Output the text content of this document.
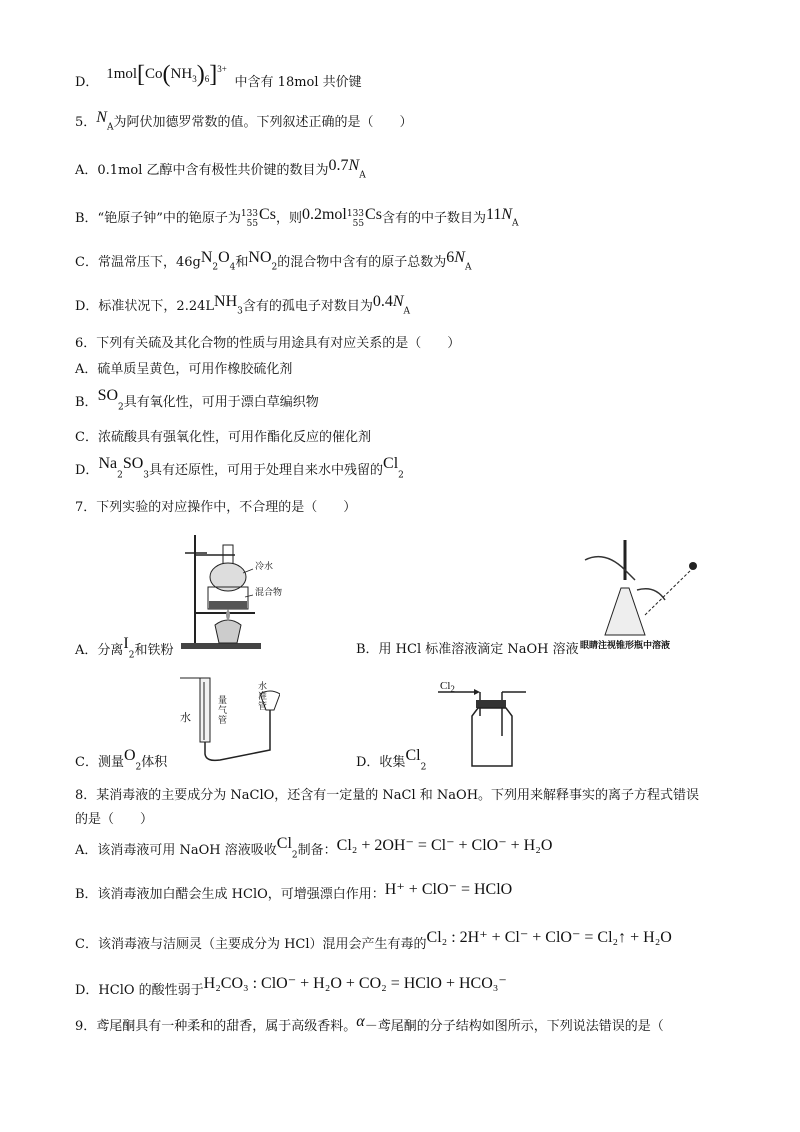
D． $1mol[Co(NH_3)_6]^{3+}$ 中含有 18mol 共价键
5．$N_A$为阿伏加德罗常数的值。下列叙述正确的是（　　）
A．0.1mol 乙醇中含有极性共价键的数目为$0.7N_A$
B．“铯原子钟”中的铯原子为 133
55
Cs，则0.2mol 133
55
Cs含有的中子数目为$11N_A$
C．常温常压下，$46gN_2O_4$和$NO_2$的混合物中含有的原子总数为$6N_A$
D．标准状况下，$2.24LNH_3$含有的孤电子对数目为$0.4N_A$
6．下列有关硫及其化合物的性质与用途具有对应关系的是（　　）
A．硫单质呈黄色，可用作橡胶硫化剂
B．$SO_2$具有氧化性，可用于漂白草编织物
C．浓硫酸具有强氧化性，可用作酯化反应的催化剂
D．$Na_2SO_3$具有还原性，可用于处理自来水中残留的$Cl_2$
7．下列实验的对应操作中，不合理的是（　　）
冷水
混合物
眼睛注视锥形瓶中溶液
A．分离$I_2$和铁粉	B．用 HCl 标准溶液滴定 NaOH 溶液
水
量气管
水准管
$Cl_2$
C．测量$O_2$体积	D．收集$Cl_2$
8．某消毒液的主要成分为 NaClO，还含有一定量的 NaCl 和 NaOH。下列用来解释事实的离子方程式错误
的是（　　）
A．该消毒液可用 NaOH 溶液吸收$Cl_2$制备：Cl₂ + 2OH⁻ = Cl⁻ + ClO⁻ + H₂O
B．该消毒液加白醋会生成 HClO，可增强漂白作用：H⁺ + ClO⁻ = HClO
C．该消毒液与洁厕灵（主要成分为 HCl）混用会产生有毒的Cl₂ : 2H⁺ + Cl⁻ + ClO⁻ = Cl₂↑ + H₂O
D．HClO 的酸性弱于H₂CO₃ : ClO⁻ + H₂O + CO₂ = HClO + HCO₃⁻
9．鸢尾酮具有一种柔和的甜香，属于高级香料。α－鸢尾酮的分子结构如图所示，下列说法错误的是（
